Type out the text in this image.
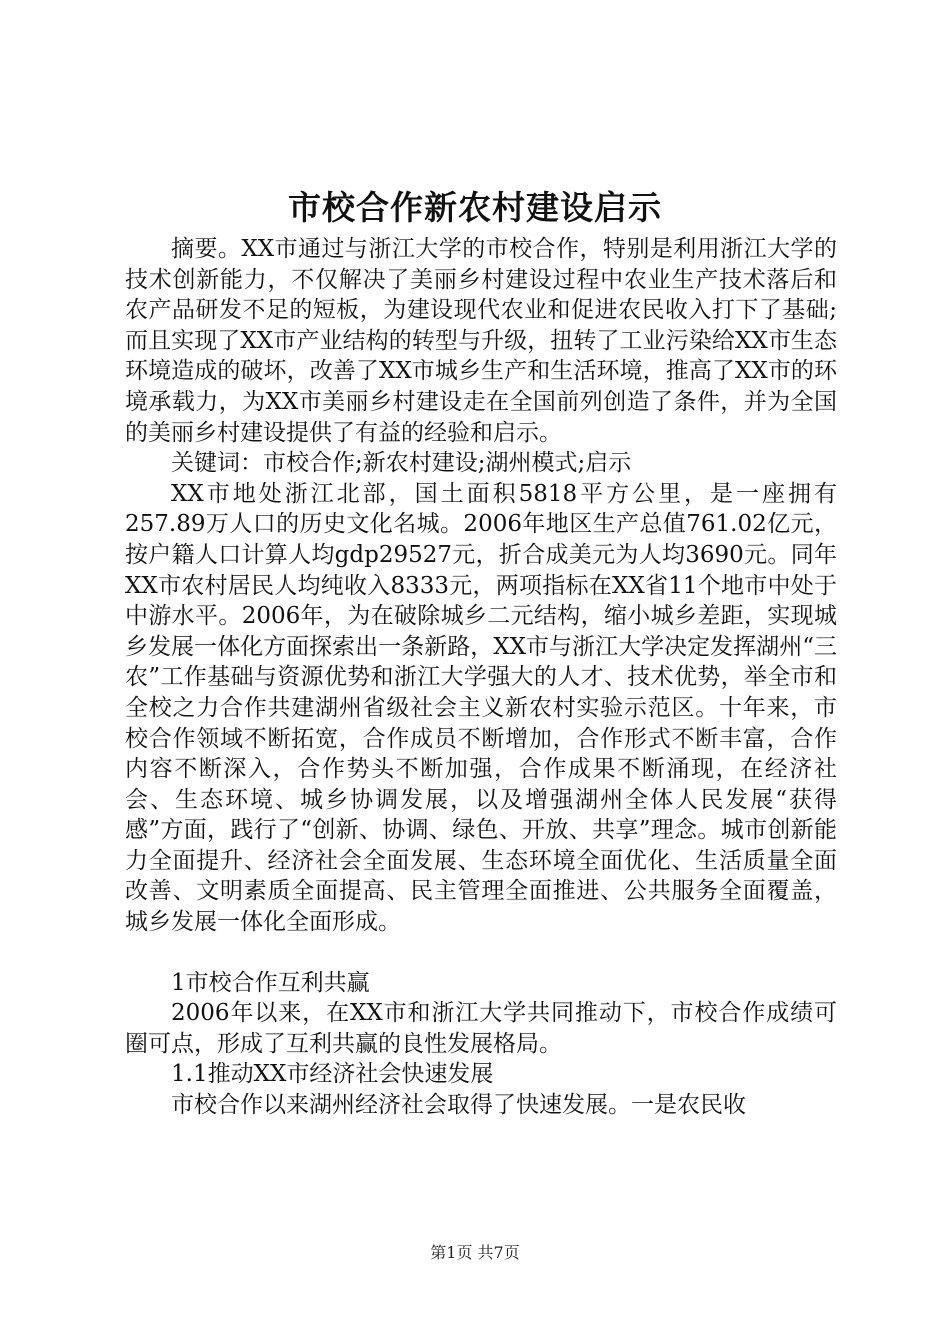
市校合作新农村建设启示

摘要。XX市通过与浙江大学的市校合作，特别是利用浙江大学的技术创新能力，不仅解决了美丽乡村建设过程中农业生产技术落后和农产品研发不足的短板，为建设现代农业和促进农民收入打下了基础;而且实现了XX市产业结构的转型与升级，扭转了工业污染给XX市生态环境造成的破坏，改善了XX市城乡生产和生活环境，推高了XX市的环境承载力，为XX市美丽乡村建设走在全国前列创造了条件，并为全国的美丽乡村建设提供了有益的经验和启示。

关键词：市校合作;新农村建设;湖州模式;启示

XX市地处浙江北部，国土面积5818平方公里，是一座拥有257.89万人口的历史文化名城。2006年地区生产总值761.02亿元，按户籍人口计算人均gdp29527元，折合成美元为人均3690元。同年XX市农村居民人均纯收入8333元，两项指标在XX省11个地市中处于中游水平。2006年，为在破除城乡二元结构，缩小城乡差距，实现城乡发展一体化方面探索出一条新路，XX市与浙江大学决定发挥湖州“三农”工作基础与资源优势和浙江大学强大的人才、技术优势，举全市和全校之力合作共建湖州省级社会主义新农村实验示范区。十年来，市校合作领域不断拓宽，合作成员不断增加，合作形式不断丰富，合作内容不断深入，合作势头不断加强，合作成果不断涌现，在经济社会、生态环境、城乡协调发展，以及增强湖州全体人民发展“获得感”方面，践行了“创新、协调、绿色、开放、共享”理念。城市创新能力全面提升、经济社会全面发展、生态环境全面优化、生活质量全面改善、文明素质全面提高、民主管理全面推进、公共服务全面覆盖，城乡发展一体化全面形成。

1市校合作互利共赢

2006年以来，在XX市和浙江大学共同推动下，市校合作成绩可圈可点，形成了互利共赢的良性发展格局。

1.1推动XX市经济社会快速发展

市校合作以来湖州经济社会取得了快速发展。一是农民收

第1页 共7页
